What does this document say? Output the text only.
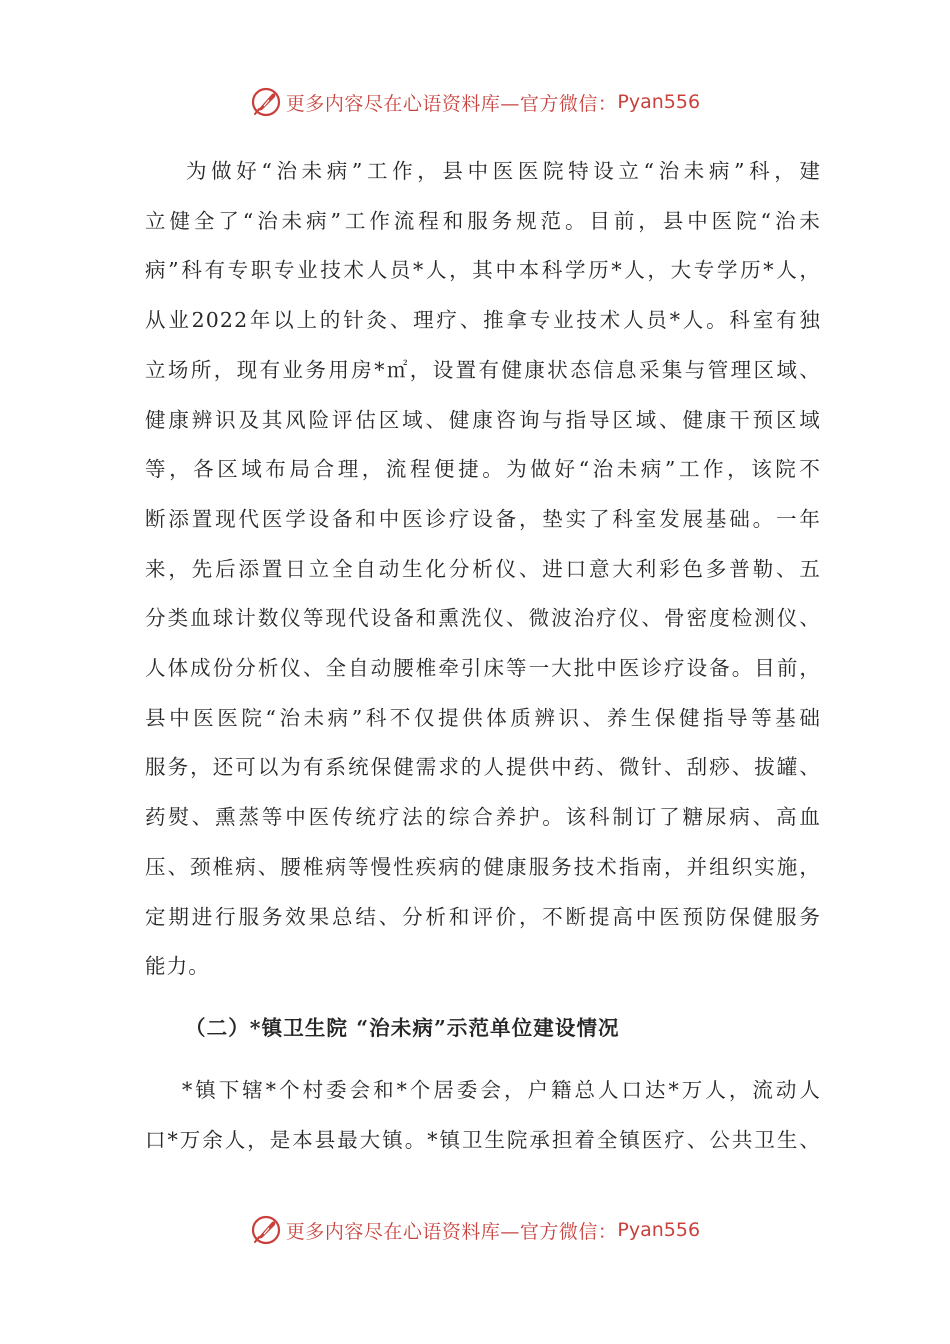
更多内容尽在心语资料库—官方微信： Pyan556
为做好“治未病”工作，县中医医院特设立“治未病”科，建
立健全了“治未病”工作流程和服务规范。目前，县中医院“治未
病”科有专职专业技术人员*人，其中本科学历*人，大专学历*人，
从业2022年以上的针灸、理疗、推拿专业技术人员*人。科室有独
立场所，现有业务用房*㎡，设置有健康状态信息采集与管理区域、
健康辨识及其风险评估区域、健康咨询与指导区域、健康干预区域
等，各区域布局合理，流程便捷。为做好“治未病”工作，该院不
断添置现代医学设备和中医诊疗设备，垫实了科室发展基础。一年
来，先后添置日立全自动生化分析仪、进口意大利彩色多普勒、五
分类血球计数仪等现代设备和熏洗仪、微波治疗仪、骨密度检测仪、
人体成份分析仪、全自动腰椎牵引床等一大批中医诊疗设备。目前，
县中医医院“治未病”科不仅提供体质辨识、养生保健指导等基础
服务，还可以为有系统保健需求的人提供中药、微针、刮痧、拔罐、
药熨、熏蒸等中医传统疗法的综合养护。该科制订了糖尿病、高血
压、颈椎病、腰椎病等慢性疾病的健康服务技术指南，并组织实施，
定期进行服务效果总结、分析和评价，不断提高中医预防保健服务
能力。
（二）*镇卫生院 “治未病”示范单位建设情况
*镇下辖*个村委会和*个居委会，户籍总人口达*万人，流动人
口*万余人，是本县最大镇。*镇卫生院承担着全镇医疗、公共卫生、
更多内容尽在心语资料库—官方微信： Pyan556
